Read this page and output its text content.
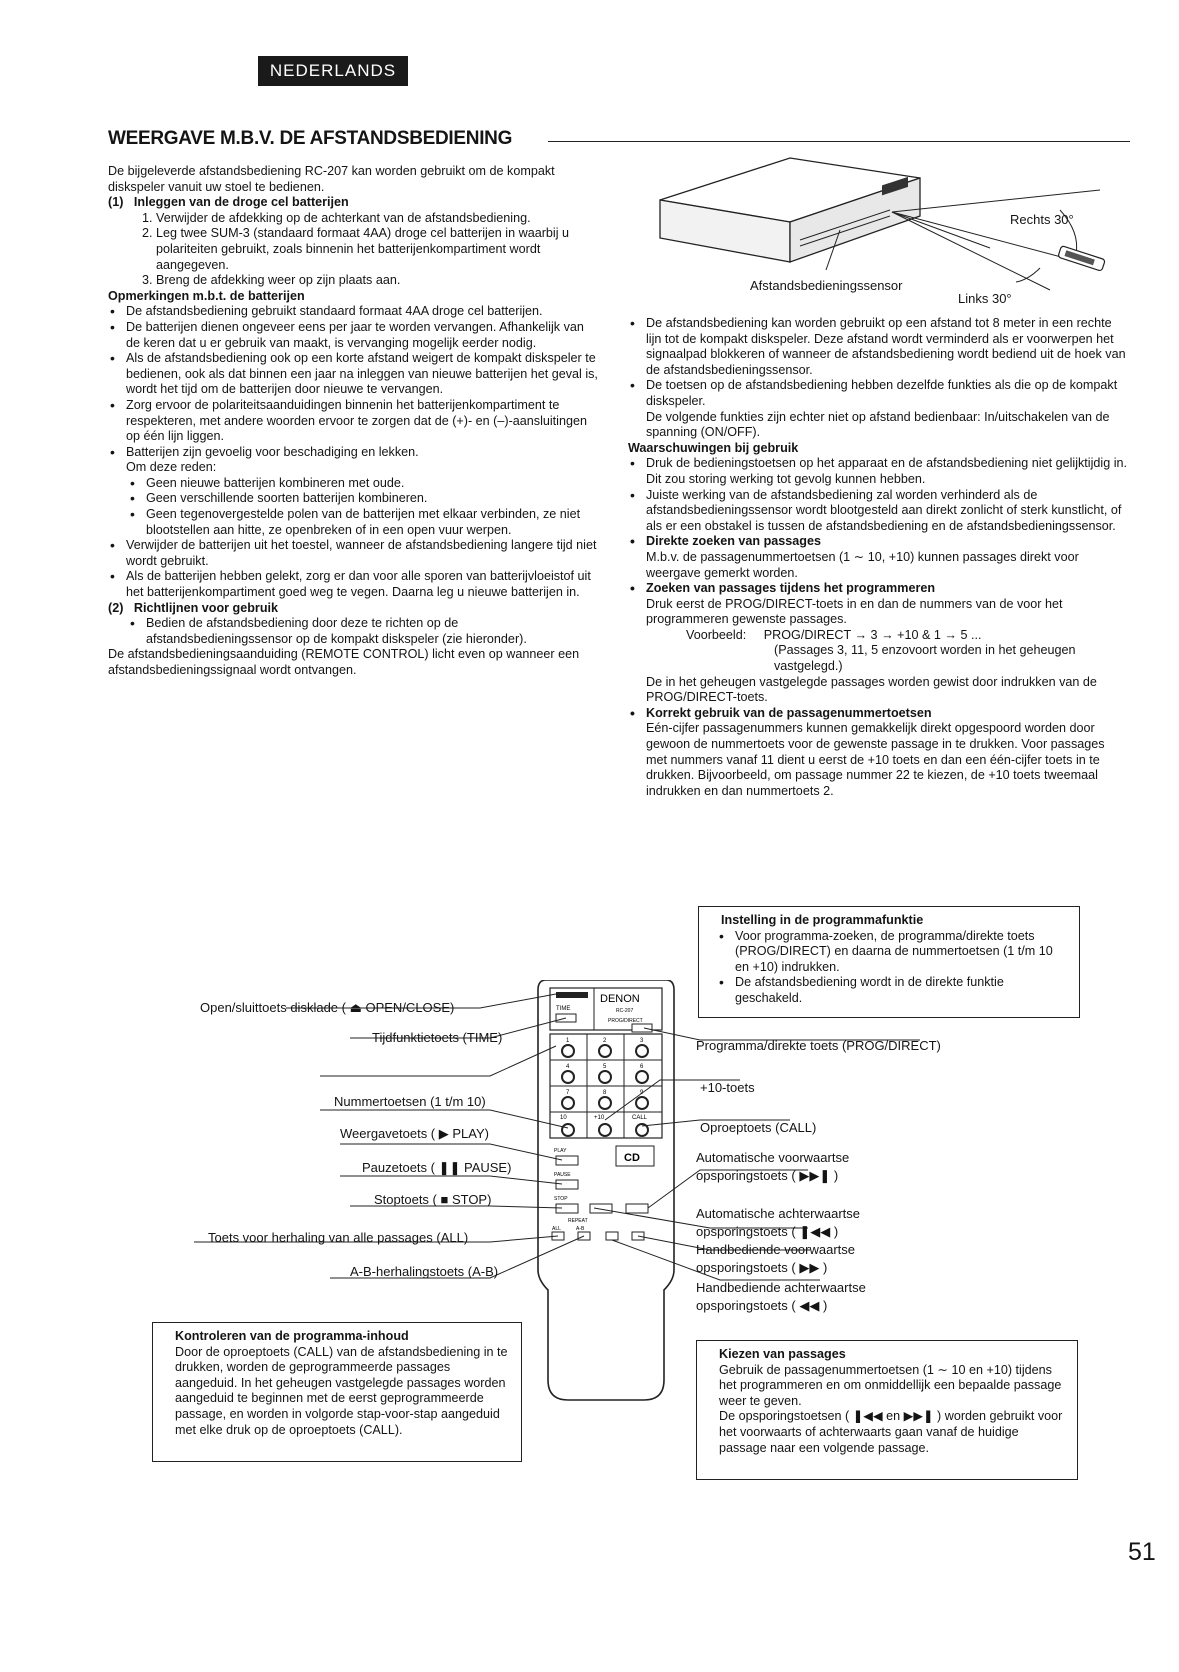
NEDERLANDS
WEERGAVE M.B.V. DE AFSTANDSBEDIENING

De bijgeleverde afstandsbediening RC-207 kan worden gebruikt om de kompakt diskspeler vanuit uw stoel te bedienen.

(1)   Inleggen van de droge cel batterijen

1. Verwijder de afdekking op de achterkant van de afstandsbediening.
2. Leg twee SUM-3 (standaard formaat 4AA) droge cel batterijen in waarbij u polariteiten gebruikt, zoals binnenin het batterijenkompartiment wordt aangegeven.
3. Breng de afdekking weer op zijn plaats aan.

Opmerkingen m.b.t. de batterijen

• De afstandsbediening gebruikt standaard formaat 4AA droge cel batterijen.
• De batterijen dienen ongeveer eens per jaar te worden vervangen. Afhankelijk van de keren dat u er gebruik van maakt, is vervanging mogelijk eerder nodig.
• Als de afstandsbediening ook op een korte afstand weigert de kompakt diskspeler te bedienen, ook als dat binnen een jaar na inleggen van nieuwe batterijen het geval is, wordt het tijd om de batterijen door nieuwe te vervangen.
• Zorg ervoor de polariteitsaanduidingen binnenin het batterijenkompartiment te respekteren, met andere woorden ervoor te zorgen dat de (+)- en (–)-aansluitingen op één lijn liggen.
• Batterijen zijn gevoelig voor beschadiging en lekken.

Om deze reden:

• Geen nieuwe batterijen kombineren met oude.
• Geen verschillende soorten batterijen kombineren.
• Geen tegenovergestelde polen van de batterijen met elkaar verbinden, ze niet blootstellen aan hitte, ze openbreken of in een open vuur werpen.
• Verwijder de batterijen uit het toestel, wanneer de afstandsbediening langere tijd niet wordt gebruikt.
• Als de batterijen hebben gelekt, zorg er dan voor alle sporen van batterijvloeistof uit het batterijenkompartiment goed weg te vegen. Daarna leg u nieuwe batterijen in.

(2)   Richtlijnen voor gebruik

• Bedien de afstandsbediening door deze te richten op de afstandsbedieningssensor op de kompakt diskspeler (zie hieronder).

De afstandsbedieningsaanduiding (REMOTE CONTROL) licht even op wanneer een afstandsbedieningssignaal wordt ontvangen.

Rechts 30°
Afstandsbedieningssensor
Links 30°
• De afstandsbediening kan worden gebruikt op een afstand tot 8 meter in een rechte lijn tot de kompakt diskspeler. Deze afstand wordt verminderd als er voorwerpen het signaalpad blokkeren of wanneer de afstandsbediening wordt bediend uit de hoek van de afstandsbedieningssensor.
• De toetsen op de afstandsbediening hebben dezelfde funkties als die op de kompakt diskspeler.

De volgende funkties zijn echter niet op afstand bedienbaar: In/uitschakelen van de spanning (ON/OFF).

Waarschuwingen bij gebruik

• Druk de bedieningstoetsen op het apparaat en de afstandsbediening niet gelijktijdig in. Dit zou storing werking tot gevolg kunnen hebben.
• Juiste werking van de afstandsbediening zal worden verhinderd als de afstandsbedieningssensor wordt blootgesteld aan direkt zonlicht of sterk kunstlicht, of als er een obstakel is tussen de afstandsbediening en de afstandsbedieningssensor.
• Direkte zoeken van passages

M.b.v. de passagenummertoetsen (1 ∼ 10, +10) kunnen passages direkt voor weergave gemerkt worden.

• Zoeken van passages tijdens het programmeren

Druk eerst de PROG/DIRECT-toets in en dan de nummers van de voor het programmeren gewenste passages.

Voorbeeld: PROG/DIRECT → 3 → +10 & 1 → 5 ...

(Passages 3, 11, 5 enzovoort worden in het geheugen vastgelegd.)

De in het geheugen vastgelegde passages worden gewist door indrukken van de PROG/DIRECT-toets.

• Korrekt gebruik van de passagenummertoetsen

Eén-cijfer passagenummers kunnen gemakkelijk direkt opgespoord worden door gewoon de nummertoets voor de gewenste passage in te drukken. Voor passages met nummers vanaf 11 dient u eerst de +10 toets en dan een één-cijfer toets in te drukken. Bijvoorbeeld, om passage nummer 22 te kiezen, de +10 toets tweemaal indrukken en dan nummertoets 2.

Instelling in de programmafunktie

• Voor programma-zoeken, de programma/direkte toets (PROG/DIRECT) en daarna de nummertoetsen (1 t/m 10 en +10) indrukken.
• De afstandsbediening wordt in de direkte funktie geschakeld.
DENON
RC-207
TIME
PROG/DIRECT
1	2	3
4	5	6
7	8	9
10	+10	CALL
PLAY
CD
PAUSE
STOP
REPEAT
ALL	A-B
Open/sluittoets disklade ( ⏏ OPEN/CLOSE)
Tijdfunktietoets (TIME)
Nummertoetsen (1 t/m 10)
Weergavetoets ( ▶ PLAY)
Pauzetoets ( ❚❚ PAUSE)
Stoptoets ( ■ STOP)
Toets voor herhaling van alle passages (ALL)
A-B-herhalingstoets (A-B)
Programma/direkte toets (PROG/DIRECT)
+10-toets
Oproeptoets (CALL)
Automatische voorwaartse
opsporingstoets ( ▶▶❚ )
Automatische achterwaartse
opsporingstoets ( ❚◀◀ )
Handbediende voorwaartse
opsporingstoets ( ▶▶ )
Handbediende achterwaartse
opsporingstoets ( ◀◀ )

Kontroleren van de programma-inhoud

Door de oproeptoets (CALL) van de afstandsbediening in te drukken, worden de geprogrammeerde passages aangeduid. In het geheugen vastgelegde passages worden aangeduid te beginnen met de eerst geprogrammeerde passage, en worden in volgorde stap-voor-stap aangeduid met elke druk op de oproeptoets (CALL).

Kiezen van passages

Gebruik de passagenummertoetsen (1 ∼ 10 en +10) tijdens het programmeren en om onmiddellijk een bepaalde passage weer te geven.

De opsporingstoetsen ( ❚◀◀ en ▶▶❚ ) worden gebruikt voor het voorwaarts of achterwaarts gaan vanaf de huidige passage naar een volgende passage.

51
